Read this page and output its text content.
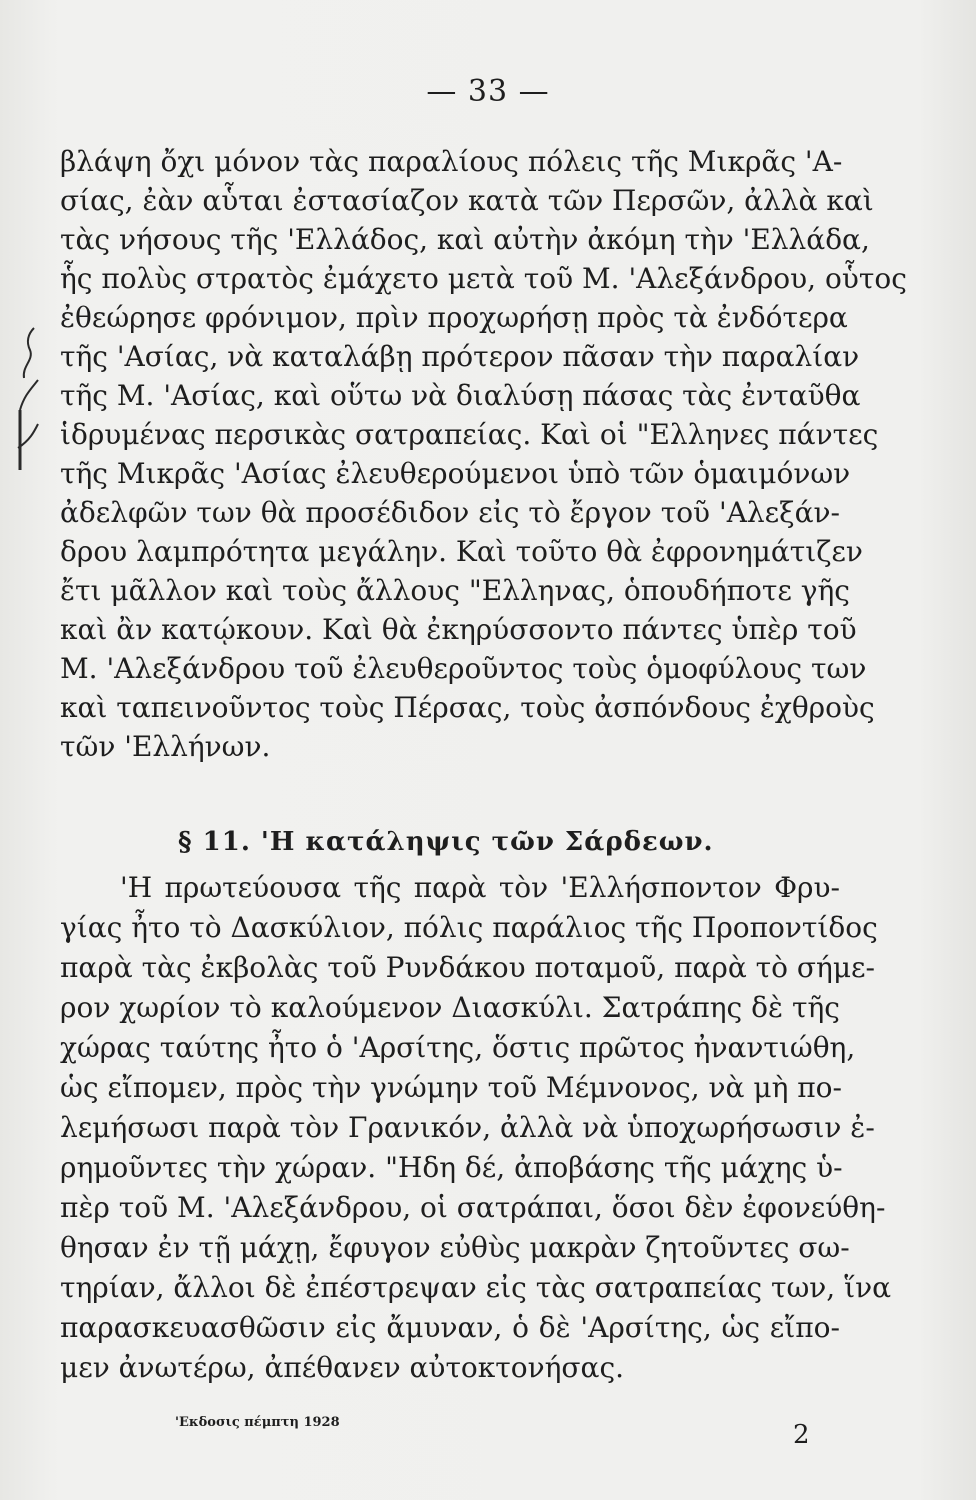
— 33 —
βλάψη ὄχι μόνον τὰς παραλίους πόλεις τῆς Μικρᾶς 'Α-
σίας, ἐὰν αὗται ἐστασίαζον κατὰ τῶν Περσῶν, ἀλλὰ καὶ
τὰς νήσους τῆς 'Ελλάδος, καὶ αὐτὴν ἀκόμη τὴν 'Ελλάδα,
ἧς πολὺς στρατὸς ἐμάχετο μετὰ τοῦ Μ. 'Αλεξάνδρου, οὗτος
ἐθεώρησε φρόνιμον, πρὶν προχωρήσῃ πρὸς τὰ ἐνδότερα
τῆς 'Ασίας, νὰ καταλάβῃ πρότερον πᾶσαν τὴν παραλίαν
τῆς Μ. 'Ασίας, καὶ οὕτω νὰ διαλύσῃ πάσας τὰς ἐνταῦθα
ἱδρυμένας περσικὰς σατραπείας. Καὶ οἱ "Ελληνες πάντες
τῆς Μικρᾶς 'Ασίας ἐλευθερούμενοι ὑπὸ τῶν ὁμαιμόνων
ἀδελφῶν των θὰ προσέδιδον εἰς τὸ ἔργον τοῦ 'Αλεξάν-
δρου λαμπρότητα μεγάλην. Καὶ τοῦτο θὰ ἐφρονημάτιζεν
ἔτι μᾶλλον καὶ τοὺς ἄλλους "Ελληνας, ὁπουδήποτε γῆς
καὶ ἂν κατῴκουν. Καὶ θὰ ἐκηρύσσοντο πάντες ὑπὲρ τοῦ
Μ. 'Αλεξάνδρου τοῦ ἐλευθεροῦντος τοὺς ὁμοφύλους των
καὶ ταπεινοῦντος τοὺς Πέρσας, τοὺς ἀσπόνδους ἐχθροὺς
τῶν 'Ελλήνων.
§ 11. 'Η κατάληψις τῶν Σάρδεων.
'Η πρωτεύουσα τῆς παρὰ τὸν 'Ελλήσποντον Φρυ-
γίας ἦτο τὸ Δασκύλιον, πόλις παράλιος τῆς Προποντίδος
παρὰ τὰς ἐκβολὰς τοῦ Ρυνδάκου ποταμοῦ, παρὰ τὸ σήμε-
ρον χωρίον τὸ καλούμενον Διασκύλι. Σατράπης δὲ τῆς
χώρας ταύτης ἦτο ὁ 'Αρσίτης, ὅστις πρῶτος ἠναντιώθη,
ὡς εἴπομεν, πρὸς τὴν γνώμην τοῦ Μέμνονος, νὰ μὴ πο-
λεμήσωσι παρὰ τὸν Γρανικόν, ἀλλὰ νὰ ὑποχωρήσωσιν ἐ-
ρημοῦντες τὴν χώραν. "Ηδη δέ, ἀποβάσης τῆς μάχης ὑ-
πὲρ τοῦ Μ. 'Αλεξάνδρου, οἱ σατράπαι, ὅσοι δὲν ἐφονεύθη-
θησαν ἐν τῇ μάχῃ, ἔφυγον εὐθὺς μακρὰν ζητοῦντες σω-
τηρίαν, ἄλλοι δὲ ἐπέστρεψαν εἰς τὰς σατραπείας των, ἵνα
παρασκευασθῶσιν εἰς ἄμυναν, ὁ δὲ 'Αρσίτης, ὡς εἴπο-
μεν ἀνωτέρω, ἀπέθανεν αὐτοκτονήσας.
'Εκδοσις πέμπτη 1928	2
